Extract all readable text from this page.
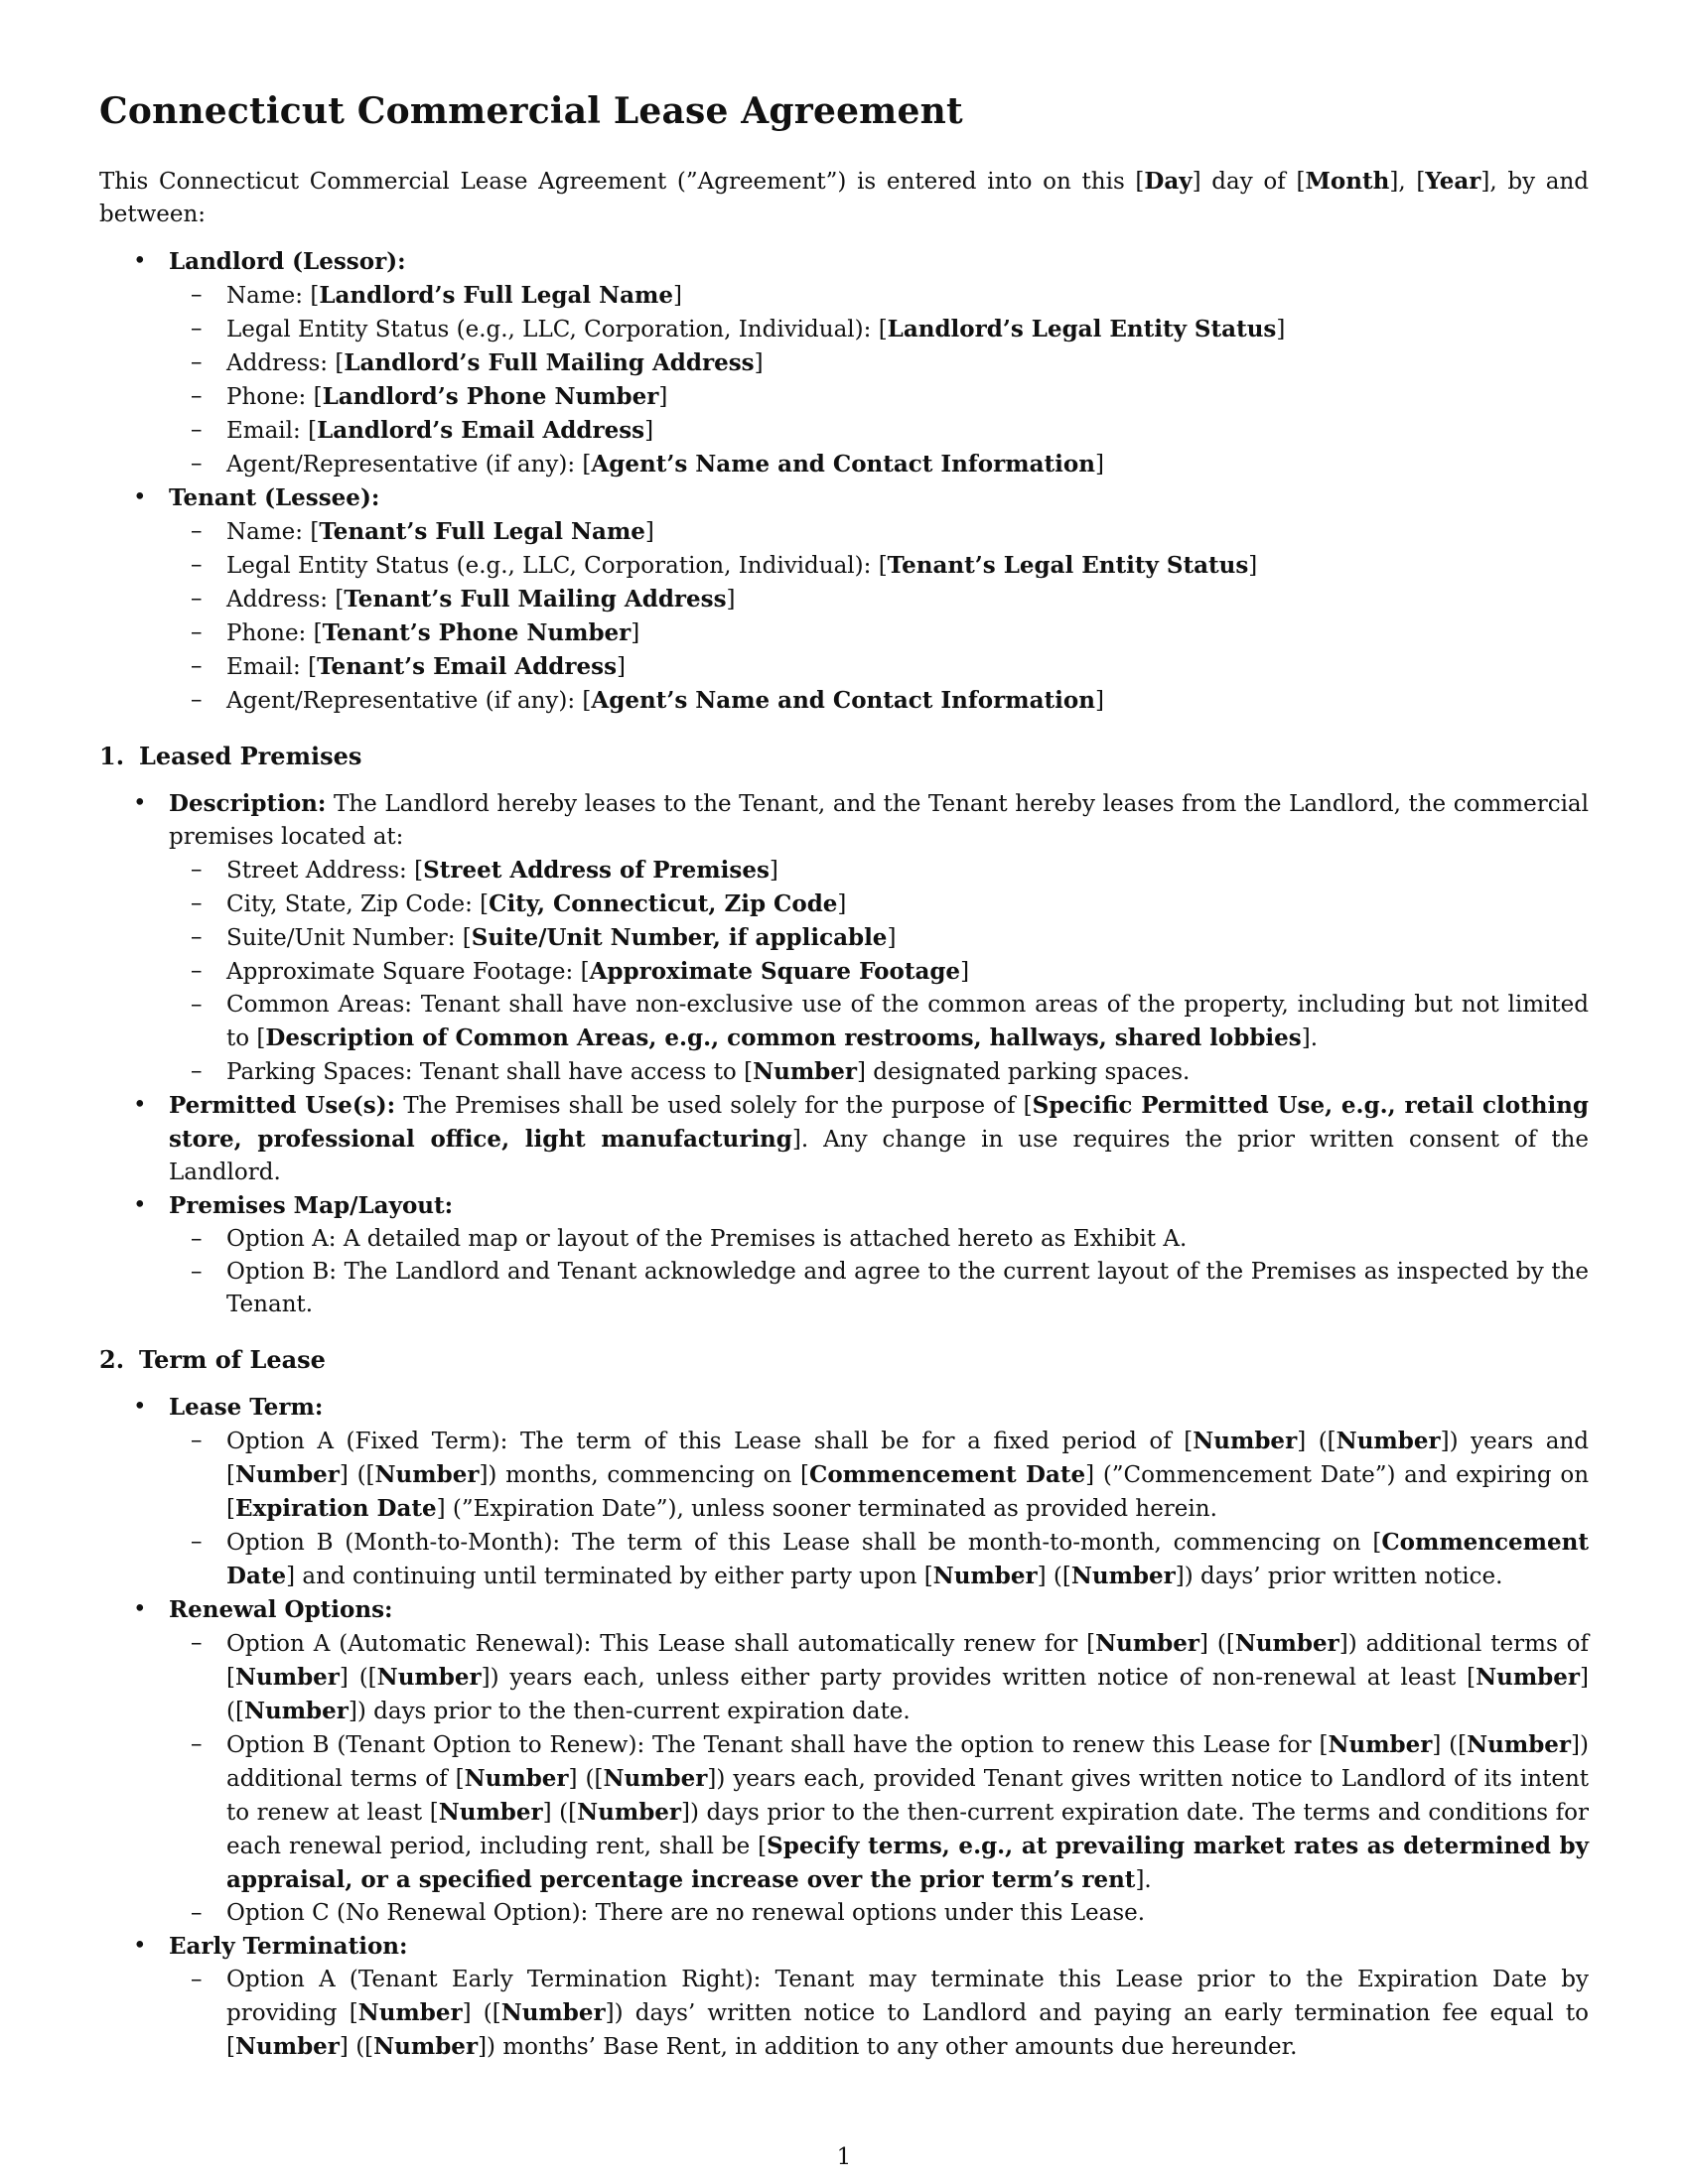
Connecticut Commercial Lease Agreement

This Connecticut Commercial Lease Agreement (”Agreement”) is entered into on this [Day] day of [Month], [Year], by and between:

• Landlord (Lessor):
– Name: [Landlord’s Full Legal Name]
– Legal Entity Status (e.g., LLC, Corporation, Individual): [Landlord’s Legal Entity Status]
– Address: [Landlord’s Full Mailing Address]
– Phone: [Landlord’s Phone Number]
– Email: [Landlord’s Email Address]
– Agent/Representative (if any): [Agent’s Name and Contact Information]
• Tenant (Lessee):
– Name: [Tenant’s Full Legal Name]
– Legal Entity Status (e.g., LLC, Corporation, Individual): [Tenant’s Legal Entity Status]
– Address: [Tenant’s Full Mailing Address]
– Phone: [Tenant’s Phone Number]
– Email: [Tenant’s Email Address]
– Agent/Representative (if any): [Agent’s Name and Contact Information]
1. Leased Premises
• Description: The Landlord hereby leases to the Tenant, and the Tenant hereby leases from the Landlord, the commercial premises located at:
– Street Address: [Street Address of Premises]
– City, State, Zip Code: [City, Connecticut, Zip Code]
– Suite/Unit Number: [Suite/Unit Number, if applicable]
– Approximate Square Footage: [Approximate Square Footage]
– Common Areas: Tenant shall have non-exclusive use of the common areas of the property, including but not limited to [Description of Common Areas, e.g., common restrooms, hallways, shared lobbies].
– Parking Spaces: Tenant shall have access to [Number] designated parking spaces.
• Permitted Use(s): The Premises shall be used solely for the purpose of [Specific Permitted Use, e.g., retail clothing store, professional office, light manufacturing]. Any change in use requires the prior written consent of the Landlord.
• Premises Map/Layout:
– Option A: A detailed map or layout of the Premises is attached hereto as Exhibit A.
– Option B: The Landlord and Tenant acknowledge and agree to the current layout of the Premises as inspected by the Tenant.
2. Term of Lease
• Lease Term:
– Option A (Fixed Term): The term of this Lease shall be for a fixed period of [Number] ([Number]) years and [Number] ([Number]) months, commencing on [Commencement Date] (”Commencement Date”) and expiring on [Expiration Date] (”Expiration Date”), unless sooner terminated as provided herein.
– Option B (Month-to-Month): The term of this Lease shall be month-to-month, commencing on [Commencement Date] and continuing until terminated by either party upon [Number] ([Number]) days’ prior written notice.
• Renewal Options:
– Option A (Automatic Renewal): This Lease shall automatically renew for [Number] ([Number]) additional terms of [Number] ([Number]) years each, unless either party provides written notice of non-renewal at least [Number] ([Number]) days prior to the then-current expiration date.
– Option B (Tenant Option to Renew): The Tenant shall have the option to renew this Lease for [Number] ([Number]) additional terms of [Number] ([Number]) years each, provided Tenant gives written notice to Landlord of its intent to renew at least [Number] ([Number]) days prior to the then-current expiration date. The terms and conditions for each renewal period, including rent, shall be [Specify terms, e.g., at prevailing market rates as determined by appraisal, or a specified percentage increase over the prior term’s rent].
– Option C (No Renewal Option): There are no renewal options under this Lease.
• Early Termination:
– Option A (Tenant Early Termination Right): Tenant may terminate this Lease prior to the Expiration Date by providing [Number] ([Number]) days’ written notice to Landlord and paying an early termination fee equal to [Number] ([Number]) months’ Base Rent, in addition to any other amounts due hereunder.
1
